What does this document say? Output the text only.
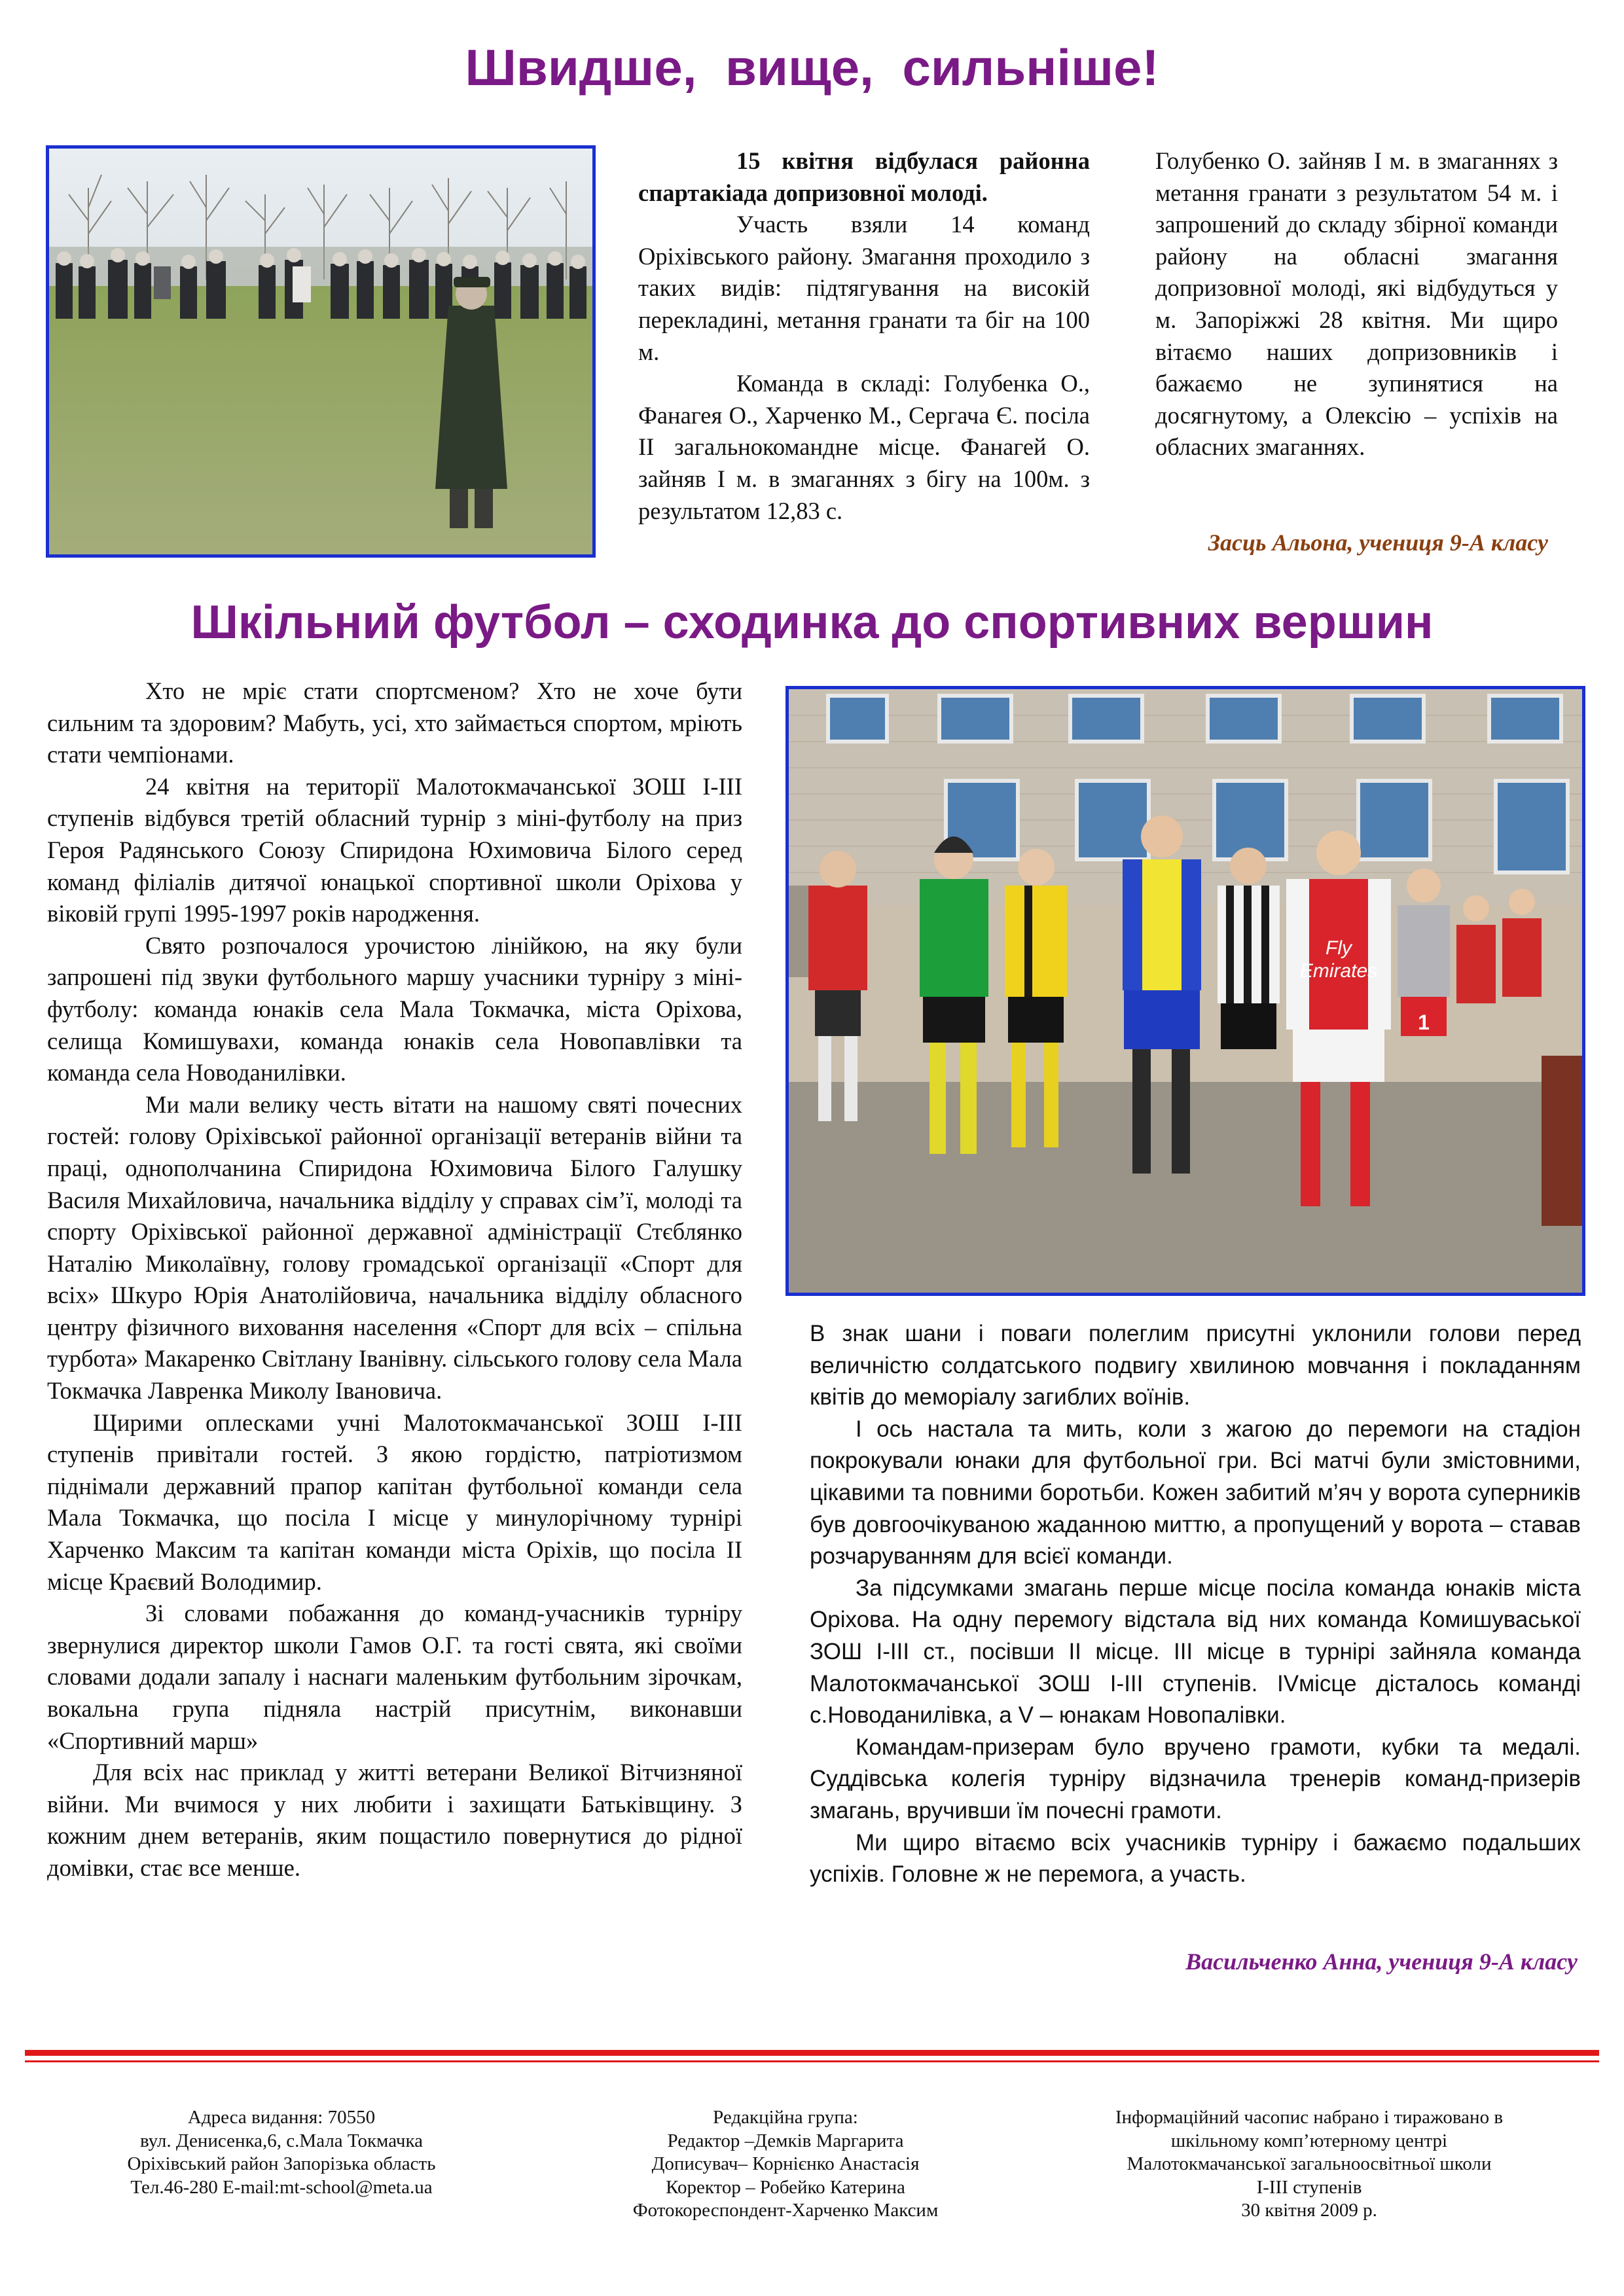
Швидше, вище, сильніше!

15 квітня відбулася районна спартакіада допризовної молоді.

Участь взяли 14 команд Оріхівського району. Змагання проходило з таких видів: підтягування на високій перекладині, метання гранати та біг на 100 м.

Команда в складі: Голубенка О., Фанагея О., Харченко М., Сергача Є. посіла ІІ загальнокомандне місце. Фанагей О. зайняв І м. в змаганнях з бігу на 100м. з результатом 12,83 с.

Голубенко О. зайняв І м. в змаганнях з метання гранати з результатом 54 м. і запрошений до складу збірної команди району на обласні змагання допризовної молоді, які відбудуться у м. Запоріжжі 28 квітня. Ми щиро вітаємо наших допризовників і бажаємо не зупинятися на досягнутому, а Олексію – успіхів на обласних змаганнях.

Засць Альона, учениця 9-А класу
Шкільний футбол – сходинка до спортивних вершин

Хто не мріє стати спортсменом? Хто не хоче бути сильним та здоровим? Мабуть, усі, хто займається спортом, мріють стати чемпіонами.

24 квітня на території Малотокмачанської ЗОШ І-ІІІ ступенів відбувся третій обласний турнір з міні-футболу на приз Героя Радянського Союзу Спиридона Юхимовича Білого серед команд філіалів дитячої юнацької спортивної школи Оріхова у віковій групі 1995-1997 років народження.

Свято розпочалося урочистою лінійкою, на яку були запрошені під звуки футбольного маршу учасники турніру з міні-футболу: команда юнаків села Мала Токмачка, міста Оріхова, селища Комишувахи, команда юнаків села Новопавлівки та команда села Новоданилівки.

Ми мали велику честь вітати на нашому святі почесних гостей: голову Оріхівської районної організації ветеранів війни та праці, однополчанина Спиридона Юхимовича Білого Галушку Василя Михайловича, начальника відділу у справах сім’ї, молоді та спорту Оріхівської районної державної адміністрації Стєблянко Наталію Миколаївну, голову громадської організації «Спорт для всіх» Шкуро Юрія Анатолійовича, начальника відділу обласного центру фізичного виховання населення «Спорт для всіх – спільна турбота» Макаренко Світлану Іванівну. сільського голову села Мала Токмачка Лавренка Миколу Івановича.

Щирими оплесками учні Малотокмачанської ЗОШ І-ІІІ ступенів привітали гостей. З якою гордістю, патріотизмом піднімали державний прапор капітан футбольної команди села Мала Токмачка, що посіла І місце у минулорічному турнірі Харченко Максим та капітан команди міста Оріхів, що посіла ІІ місце Краєвий Володимир.

Зі словами побажання до команд-учасників турніру звернулися директор школи Гамов О.Г. та гості свята, які своїми словами додали запалу і наснаги маленьким футбольним зірочкам, вокальна група підняла настрій присутнім, виконавши «Спортивний марш»

Для всіх нас приклад у житті ветерани Великої Вітчизняної війни. Ми вчимося у них любити і захищати Батьківщину. З кожним днем ветеранів, яким пощастило повернутися до рідної домівки, стає все менше.

Fly
Emirates
1

В знак шани і поваги полеглим присутні уклонили голови перед величністю солдатського подвигу хвилиною мовчання і покладанням квітів до меморіалу загиблих воїнів.

І ось настала та мить, коли з жагою до перемоги на стадіон покрокували юнаки для футбольної гри. Всі матчі були змістовними, цікавими та повними боротьби. Кожен забитий м’яч у ворота суперників був довгоочікуваною жаданною миттю, а пропущений у ворота – ставав розчаруванням для всієї команди.

За підсумками змагань перше місце посіла команда юнаків міста Оріхова. На одну перемогу відстала від них команда Комишуваської ЗОШ І-ІІІ ст., посівши ІІ місце. ІІІ місце в турнірі зайняла команда Малотокмачанської ЗОШ І-ІІІ ступенів. IVмісце дісталось команді с.Новоданилівка, а V – юнакам Новопалівки.

Командам-призерам було вручено грамоти, кубки та медалі. Суддівська колегія турніру відзначила тренерів команд-призерів змагань, вручивши їм почесні грамоти.

Ми щиро вітаємо всіх учасників турніру і бажаємо подальших успіхів. Головне ж не перемога, а участь.

Васильченко Анна, учениця 9-А класу
Адреса видання: 70550
вул. Денисенка,6, с.Мала Токмачка
Оріхівський район Запорізька область
Тел.46-280 E-mail:mt-school@meta.ua
Редакційна група:
Редактор –Демків Маргарита
Дописувач– Корнієнко Анастасія
Коректор – Робейко Катерина
Фотокореспондент-Харченко Максим
Інформаційний часопис набрано і тиражовано в
шкільному комп’ютерному центрі
Малотокмачанської загальноосвітньої школи
І-ІІІ ступенів
30 квітня 2009 р.
